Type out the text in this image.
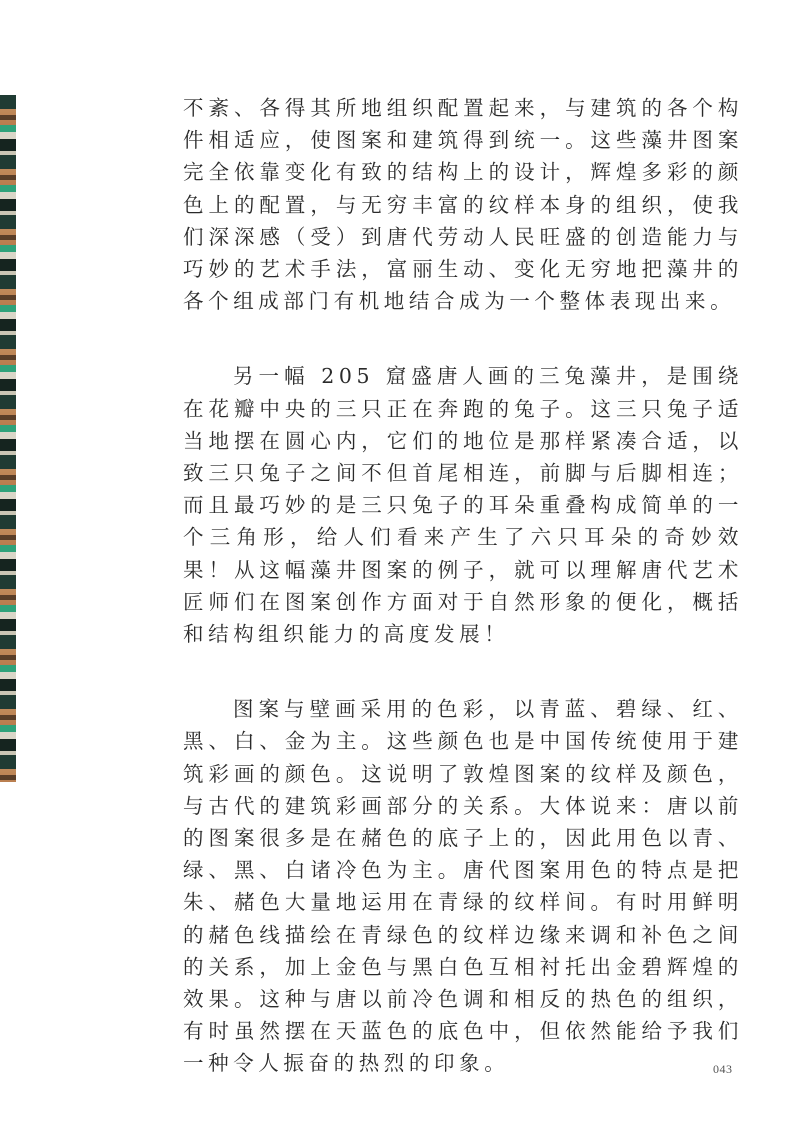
不紊、各得其所地组织配置起来，与建筑的各个构件相适应，使图案和建筑得到统一。这些藻井图案完全依靠变化有致的结构上的设计，辉煌多彩的颜色上的配置，与无穷丰富的纹样本身的组织，使我们深深感（受）到唐代劳动人民旺盛的创造能力与巧妙的艺术手法，富丽生动、变化无穷地把藻井的各个组成部门有机地结合成为一个整体表现出来。

另一幅 205 窟盛唐人画的三兔藻井，是围绕在花瓣中央的三只正在奔跑的兔子。这三只兔子适当地摆在圆心内，它们的地位是那样紧凑合适，以致三只兔子之间不但首尾相连，前脚与后脚相连；而且最巧妙的是三只兔子的耳朵重叠构成简单的一个三角形，给人们看来产生了六只耳朵的奇妙效果！从这幅藻井图案的例子，就可以理解唐代艺术匠师们在图案创作方面对于自然形象的便化，概括和结构组织能力的高度发展！

图案与壁画采用的色彩，以青蓝、碧绿、红、黑、白、金为主。这些颜色也是中国传统使用于建筑彩画的颜色。这说明了敦煌图案的纹样及颜色，与古代的建筑彩画部分的关系。大体说来：唐以前的图案很多是在赭色的底子上的，因此用色以青、绿、黑、白诸冷色为主。唐代图案用色的特点是把朱、赭色大量地运用在青绿的纹样间。有时用鲜明的赭色线描绘在青绿色的纹样边缘来调和补色之间的关系，加上金色与黑白色互相衬托出金碧辉煌的效果。这种与唐以前冷色调和相反的热色的组织，有时虽然摆在天蓝色的底色中，但依然能给予我们一种令人振奋的热烈的印象。	043
